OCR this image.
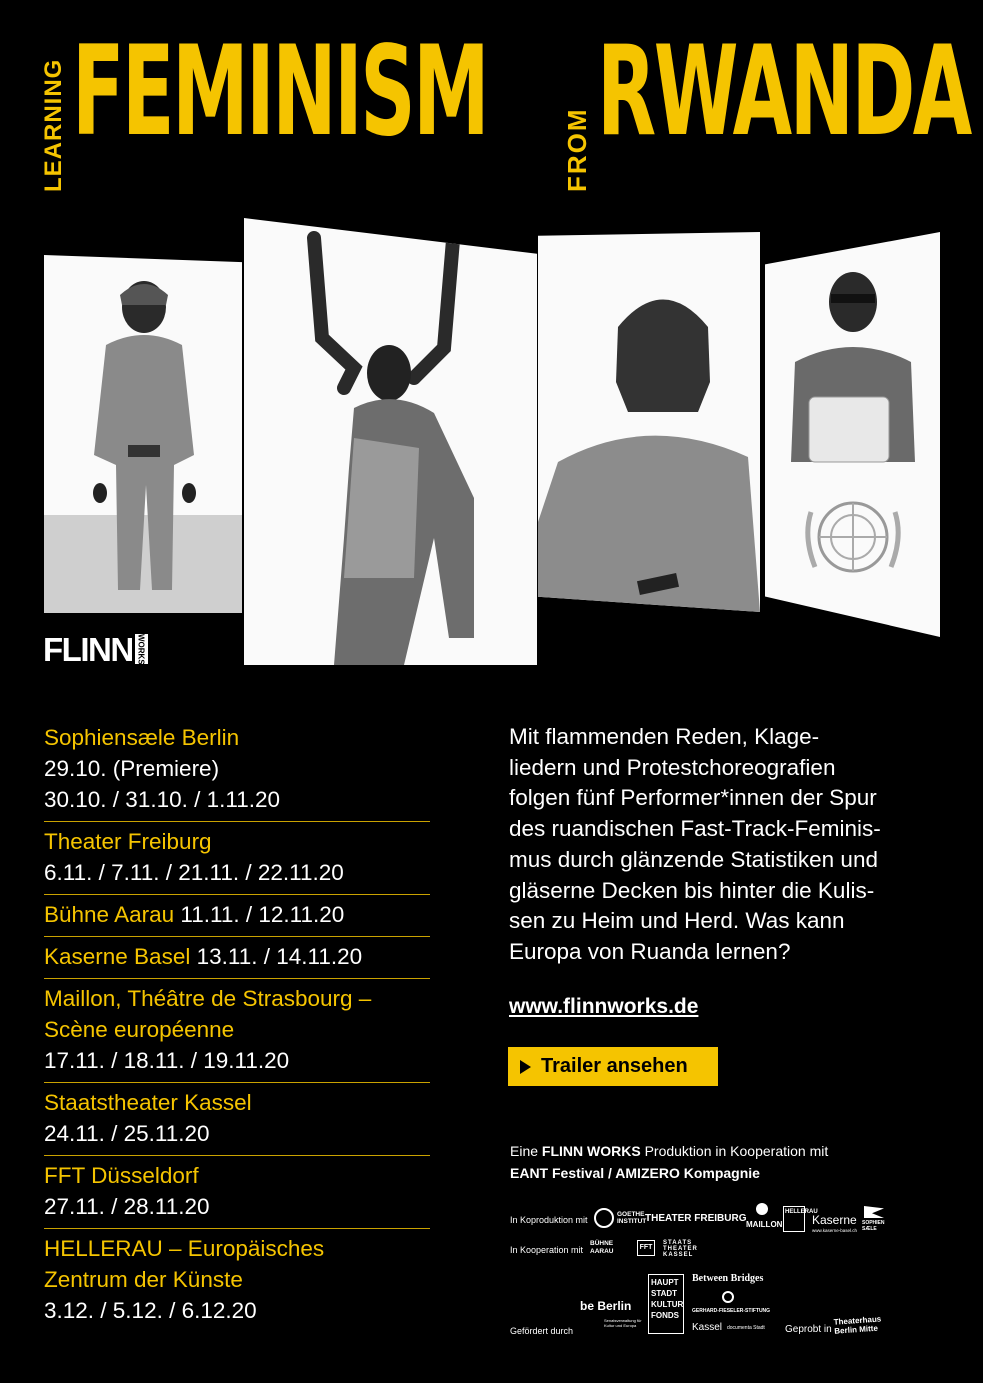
LEARNING FEMINISM	FROM RWANDA
FLINN WORKS
Sophiensæle Berlin
29.10. (Premiere)
30.10. / 31.10. / 1.11.20
Theater Freiburg
6.11. / 7.11. / 21.11. / 22.11.20
Bühne Aarau 11.11. / 12.11.20
Kaserne Basel 13.11. / 14.11.20
Maillon, Théâtre de Strasbourg –
Scène européenne
17.11. / 18.11. / 19.11.20
Staatstheater Kassel
24.11. / 25.11.20
FFT Düsseldorf
27.11. / 28.11.20
HELLERAU – Europäisches
Zentrum der Künste
3.12. / 5.12. / 6.12.20
Mit flammenden Reden, Klage-
liedern und Protestchoreografien
folgen fünf Performer*innen der Spur
des ruandischen Fast-Track-Feminis-
mus durch glänzende Statistiken und
gläserne Decken bis hinter die Kulis-
sen zu Heim und Herd. Was kann
Europa von Ruanda lernen?
www.flinnworks.de
Trailer ansehen
Eine FLINN WORKS Produktion in Kooperation mit
EANT Festival / AMIZERO Kompagnie
In Koproduktion mit
GOETHE INSTITUT
THEATER FREIBURG
MAILLON
HELLERAU
Kaserne
www.kaserne-basel.ch
SOPHIEN SÆLE
In Kooperation mit
BÜHNE AARAU
FFT
STAATS THEATER KASSEL
Gefördert durch
be Berlin
Senatsverwaltung für Kultur und Europa
HAUPT STADT KULTUR FONDS
Between Bridges
GERHARD-FIESELER-STIFTUNG
Kassel documenta Stadt Geprobt in
Theaterhaus Berlin Mitte
